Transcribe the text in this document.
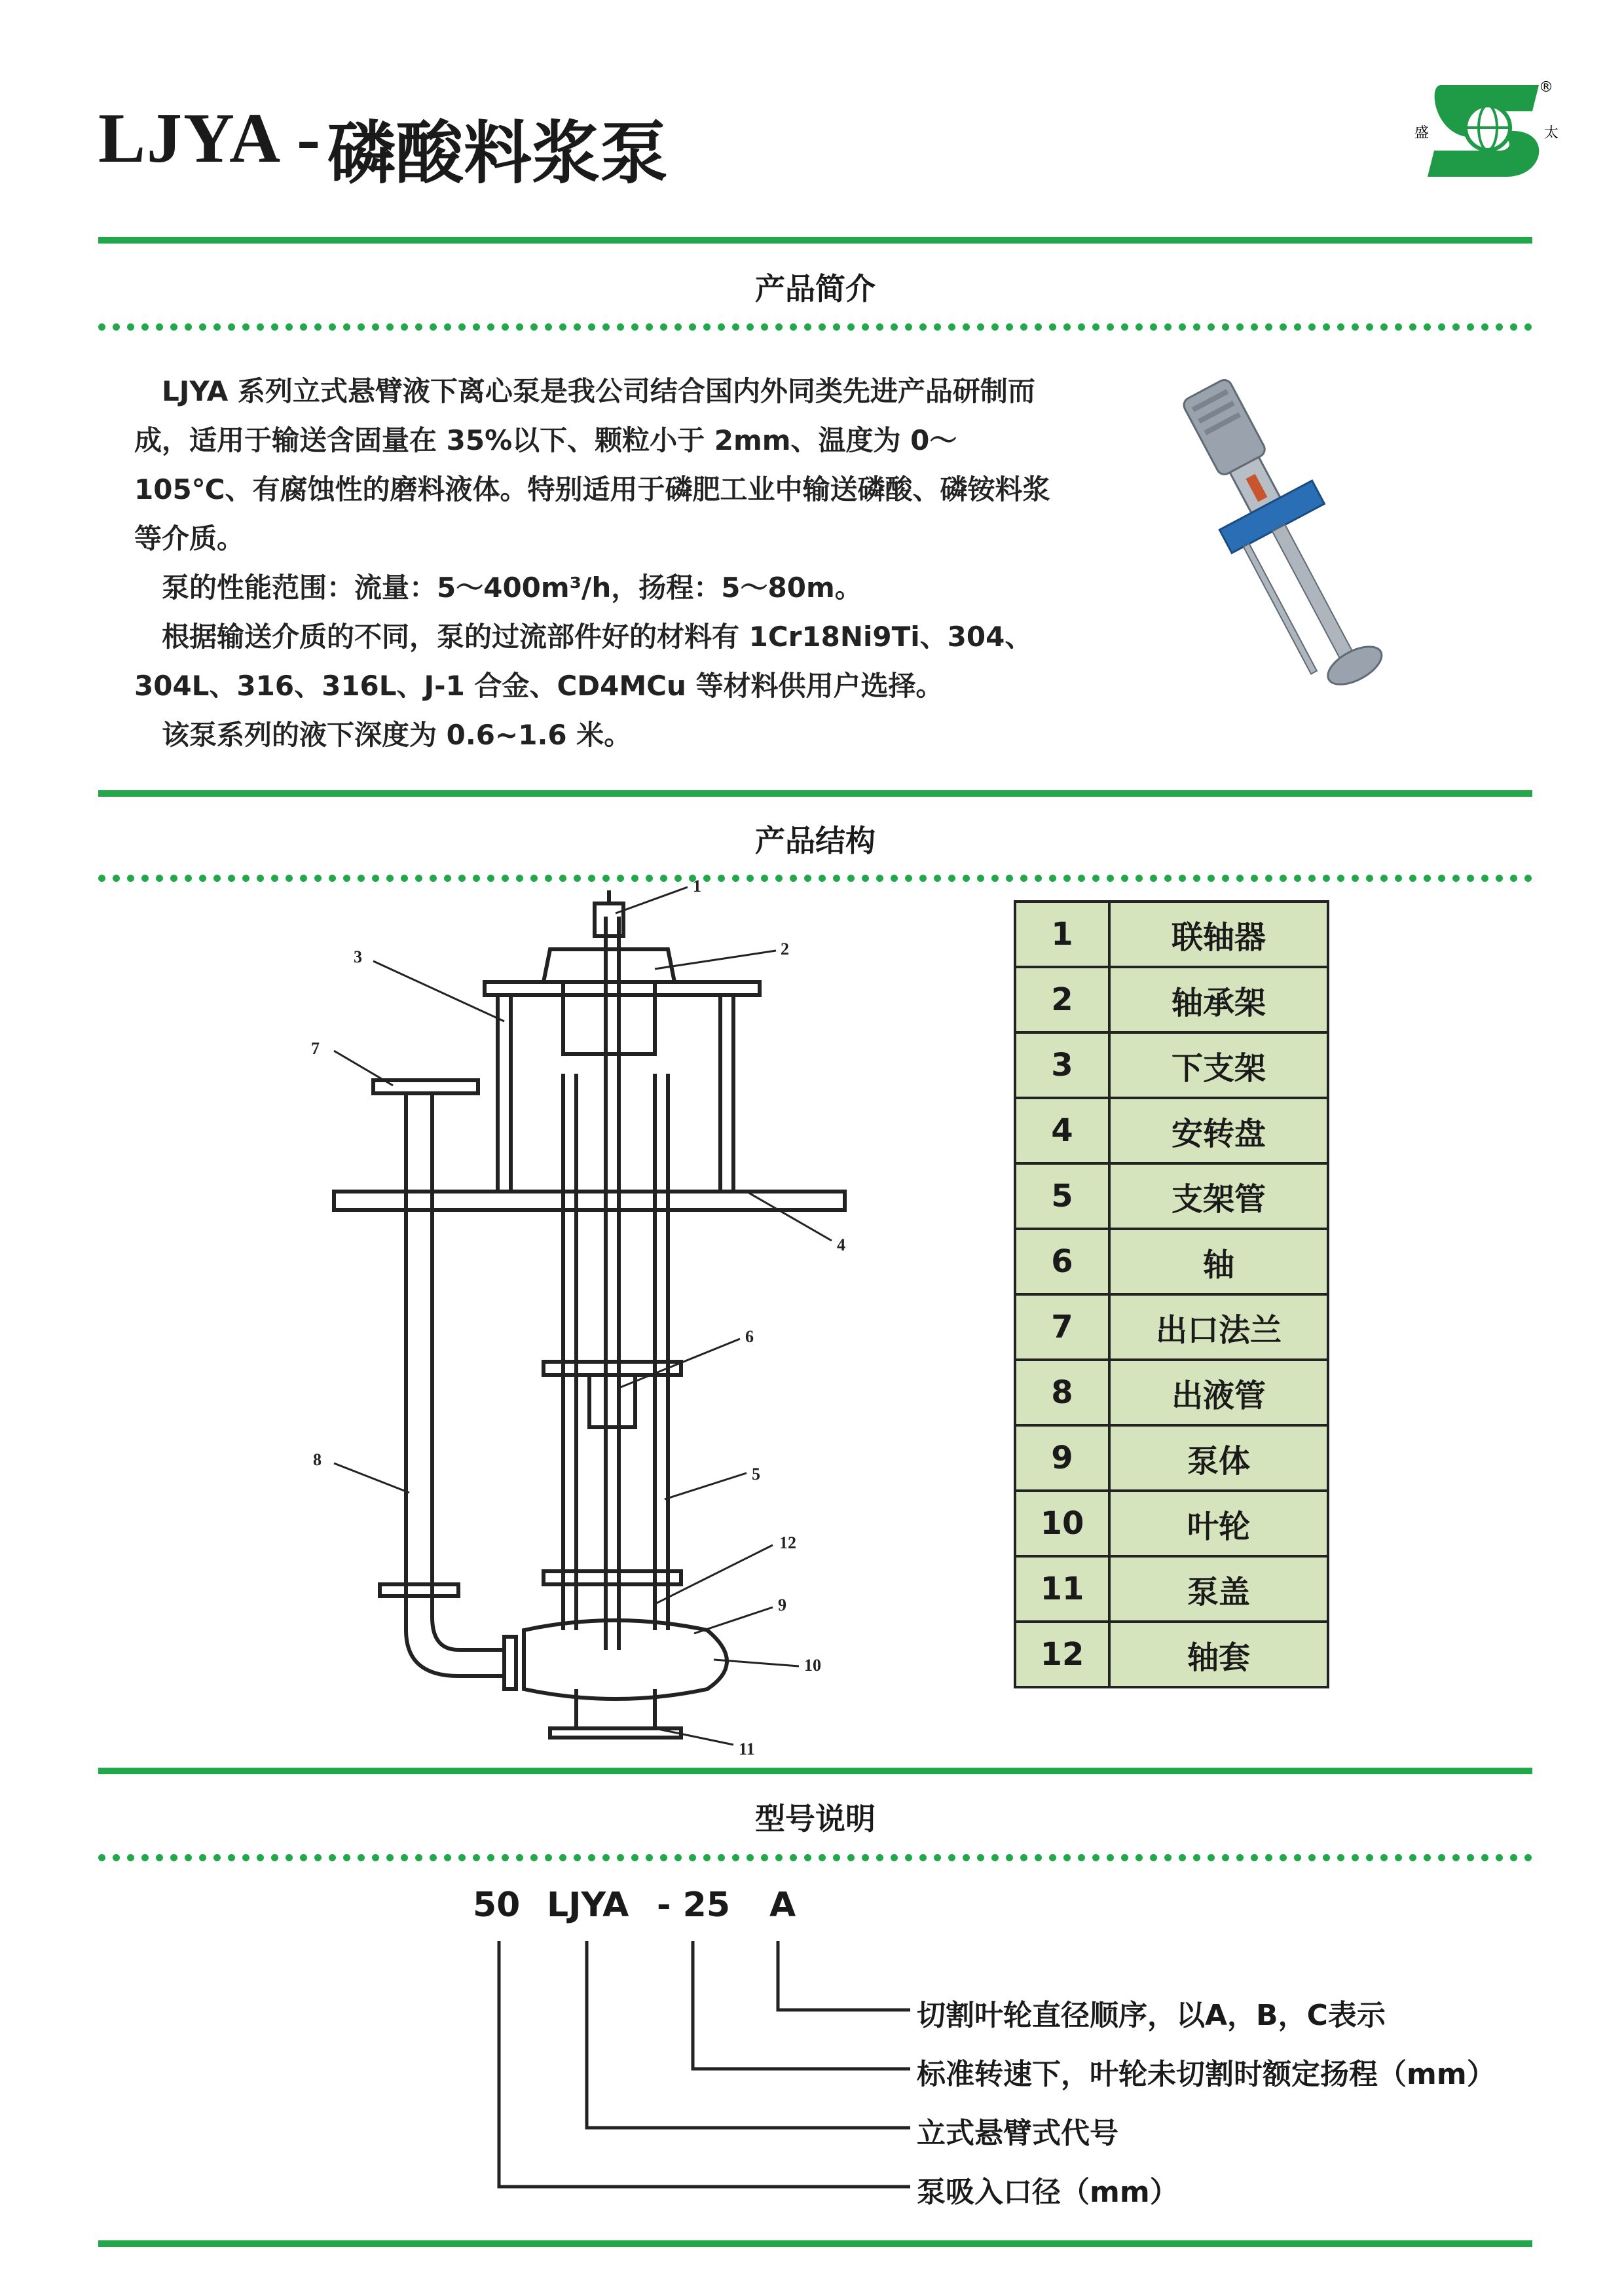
LJYA - 磷酸料浆泵	盛	太
®
产品简介

LJYA 系列立式悬臂液下离心泵是我公司结合国内外同类先进产品研制而成，适用于输送含固量在 35%以下、颗粒小于 2mm、温度为 0～105℃、有腐蚀性的磨料液体。特别适用于磷肥工业中输送磷酸、磷铵料浆等介质。

泵的性能范围：流量：5～400m³/h，扬程：5～80m。

根据输送介质的不同，泵的过流部件好的材料有 1Cr18Ni9Ti、304、304L、316、316L、J-1 合金、CD4MCu 等材料供用户选择。

该泵系列的液下深度为 0.6~1.6 米。

产品结构
1
2
3
4
5
6
7
8
9
10
11
12
1	联轴器
2	轴承架
3	下支架
4	安转盘
5	支架管
6	轴
7	出口法兰
8	出液管
9	泵体
10	叶轮
11	泵盖
12	轴套
型号说明
50 LJYA - 25 A
切割叶轮直径顺序，以A，B，C表示
标准转速下，叶轮未切割时额定扬程（mm）
立式悬臂式代号
泵吸入口径（mm）
